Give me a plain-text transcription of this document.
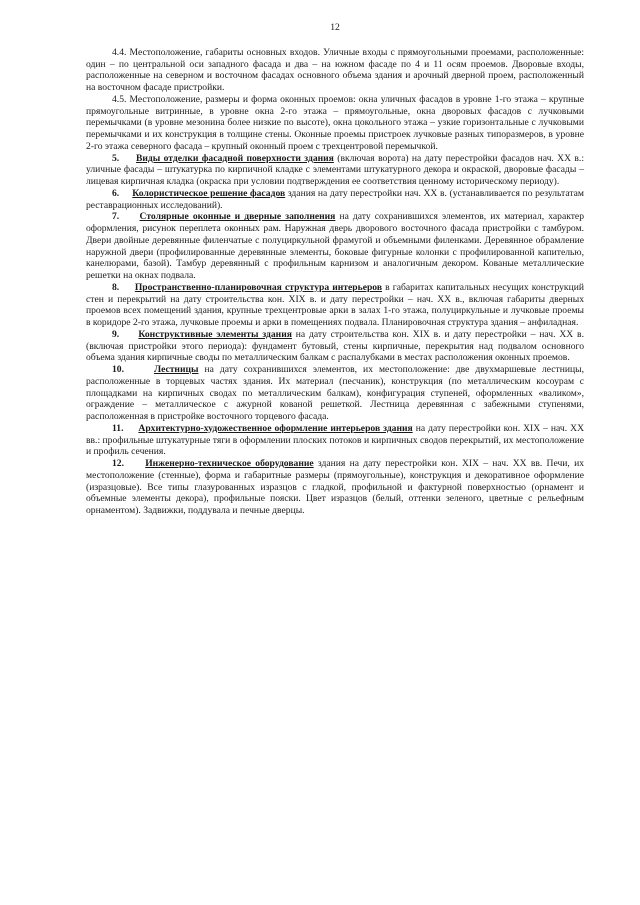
12

4.4. Местоположение, габариты основных входов. Уличные входы с прямоугольными проемами, расположенные: один – по центральной оси западного фасада и два – на южном фасаде по 4 и 11 осям проемов. Дворовые входы, расположенные на северном и восточном фасадах основного объема здания и арочный дверной проем, расположенный на восточном фасаде пристройки.

4.5. Местоположение, размеры и форма оконных проемов: окна уличных фасадов в уровне 1-го этажа – крупные прямоугольные витринные, в уровне окна 2-го этажа – прямоугольные, окна дворовых фасадов с лучковыми перемычками (в уровне мезонина более низкие по высоте), окна цокольного этажа – узкие горизонтальные с лучковыми перемычками и их конструкция в толщине стены. Оконные проемы пристроек лучковые разных типоразмеров, в уровне 2-го этажа северного фасада – крупный оконный проем с трехцентровой перемычкой.

5. Виды отделки фасадной поверхности здания (включая ворота) на дату перестройки фасадов нач. XX в.: уличные фасады – штукатурка по кирпичной кладке с элементами штукатурного декора и окраской, дворовые фасады – лицевая кирпичная кладка (окраска при условии подтверждения ее соответствия ценному историческому периоду).

6. Колористическое решение фасадов здания на дату перестройки нач. XX в. (устанавливается по результатам реставрационных исследований).

7. Столярные оконные и дверные заполнения на дату сохранившихся элементов, их материал, характер оформления, рисунок переплета оконных рам. Наружная дверь дворового восточного фасада пристройки с тамбуром. Двери двойные деревянные филенчатые с полуциркульной фрамугой и объемными филенками. Деревянное обрамление наружной двери (профилированные деревянные элементы, боковые фигурные колонки с профилированной капителью, канелюрами, базой). Тамбур деревянный с профильным карнизом и аналогичным декором. Кованые металлические решетки на окнах подвала.

8. Пространственно-планировочная структура интерьеров в габаритах капитальных несущих конструкций стен и перекрытий на дату строительства кон. XIX в. и дату перестройки – нач. XX в., включая габариты дверных проемов всех помещений здания, крупные трехцентровые арки в залах 1-го этажа, полуциркульные и лучковые проемы в коридоре 2-го этажа, лучковые проемы и арки в помещениях подвала. Планировочная структура здания – анфиладная.

9. Конструктивные элементы здания на дату строительства кон. XIX в. и дату перестройки – нач. XX в. (включая пристройки этого периода): фундамент бутовый, стены кирпичные, перекрытия над подвалом основного объема здания кирпичные своды по металлическим балкам с распалубками в местах расположения оконных проемов.

10.	Лестницы на дату сохранившихся элементов, их местоположение: две двухмаршевые лестницы, расположенные в торцевых частях здания. Их материал (песчаник), конструкция (по металлическим косоурам с площадками на кирпичных сводах по металлическим балкам), конфигурация ступеней, оформленных «валиком», ограждение – металлическое с ажурной кованой решеткой. Лестница деревянная с забежными ступенями, расположенная в пристройке восточного торцевого фасада.

11. Архитектурно-художественное оформление интерьеров здания на дату перестройки кон. XIX – нач. XX вв.: профильные штукатурные тяги в оформлении плоских потоков и кирпичных сводов перекрытий, их местоположение и профиль сечения.

12. Инженерно-техническое оборудование здания на дату перестройки кон. XIX – нач. XX вв. Печи, их местоположение (стенные), форма и габаритные размеры (прямоугольные), конструкция и декоративное оформление (изразцовые). Все типы глазурованных изразцов с гладкой, профильной и фактурной поверхностью (орнамент и объемные элементы декора), профильные пояски. Цвет изразцов (белый, оттенки зеленого, цветные с рельефным орнаментом). Задвижки, поддувала и печные дверцы.
